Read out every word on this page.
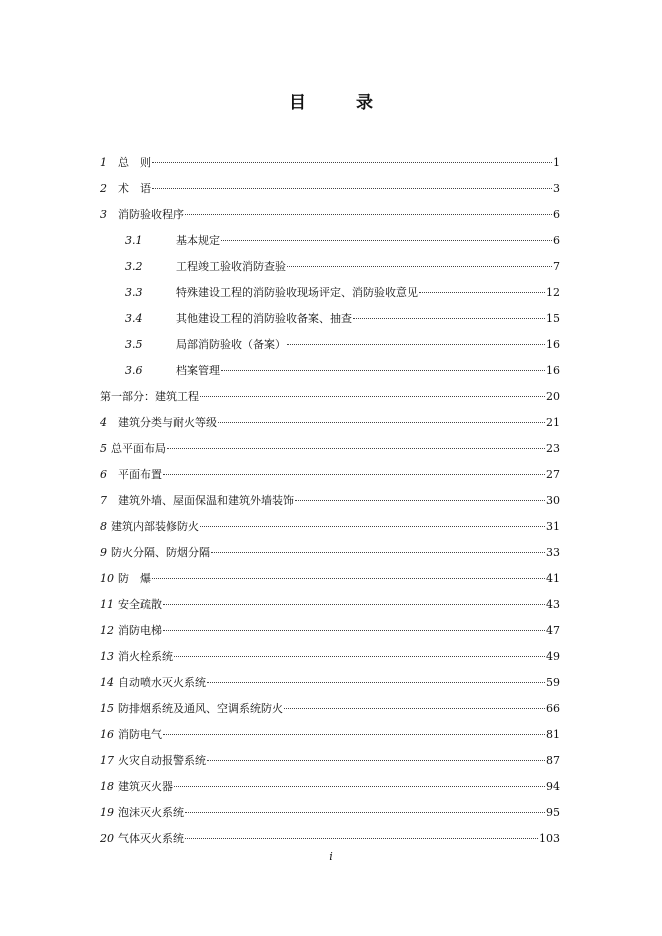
目 录
1	总　则	1
2	术　语	3
3	消防验收程序	6
3.1	基本规定	6
3.2	工程竣工验收消防查验	7
3.3	特殊建设工程的消防验收现场评定、消防验收意见	12
3.4	其他建设工程的消防验收备案、抽查	15
3.5	局部消防验收（备案）	16
3.6	档案管理	16
第一部分：建筑工程	20
4	建筑分类与耐火等级	21
5 总平面布局	23
6	平面布置	27
7	建筑外墙、屋面保温和建筑外墙装饰	30
8 建筑内部装修防火	31
9 防火分隔、防烟分隔	33
10 防　爆	41
11 安全疏散	43
12 消防电梯	47
13 消火栓系统	49
14 自动喷水灭火系统	59
15 防排烟系统及通风、空调系统防火	66
16 消防电气	81
17 火灾自动报警系统	87
18 建筑灭火器	94
19 泡沫灭火系统	95
20 气体灭火系统	103
i
